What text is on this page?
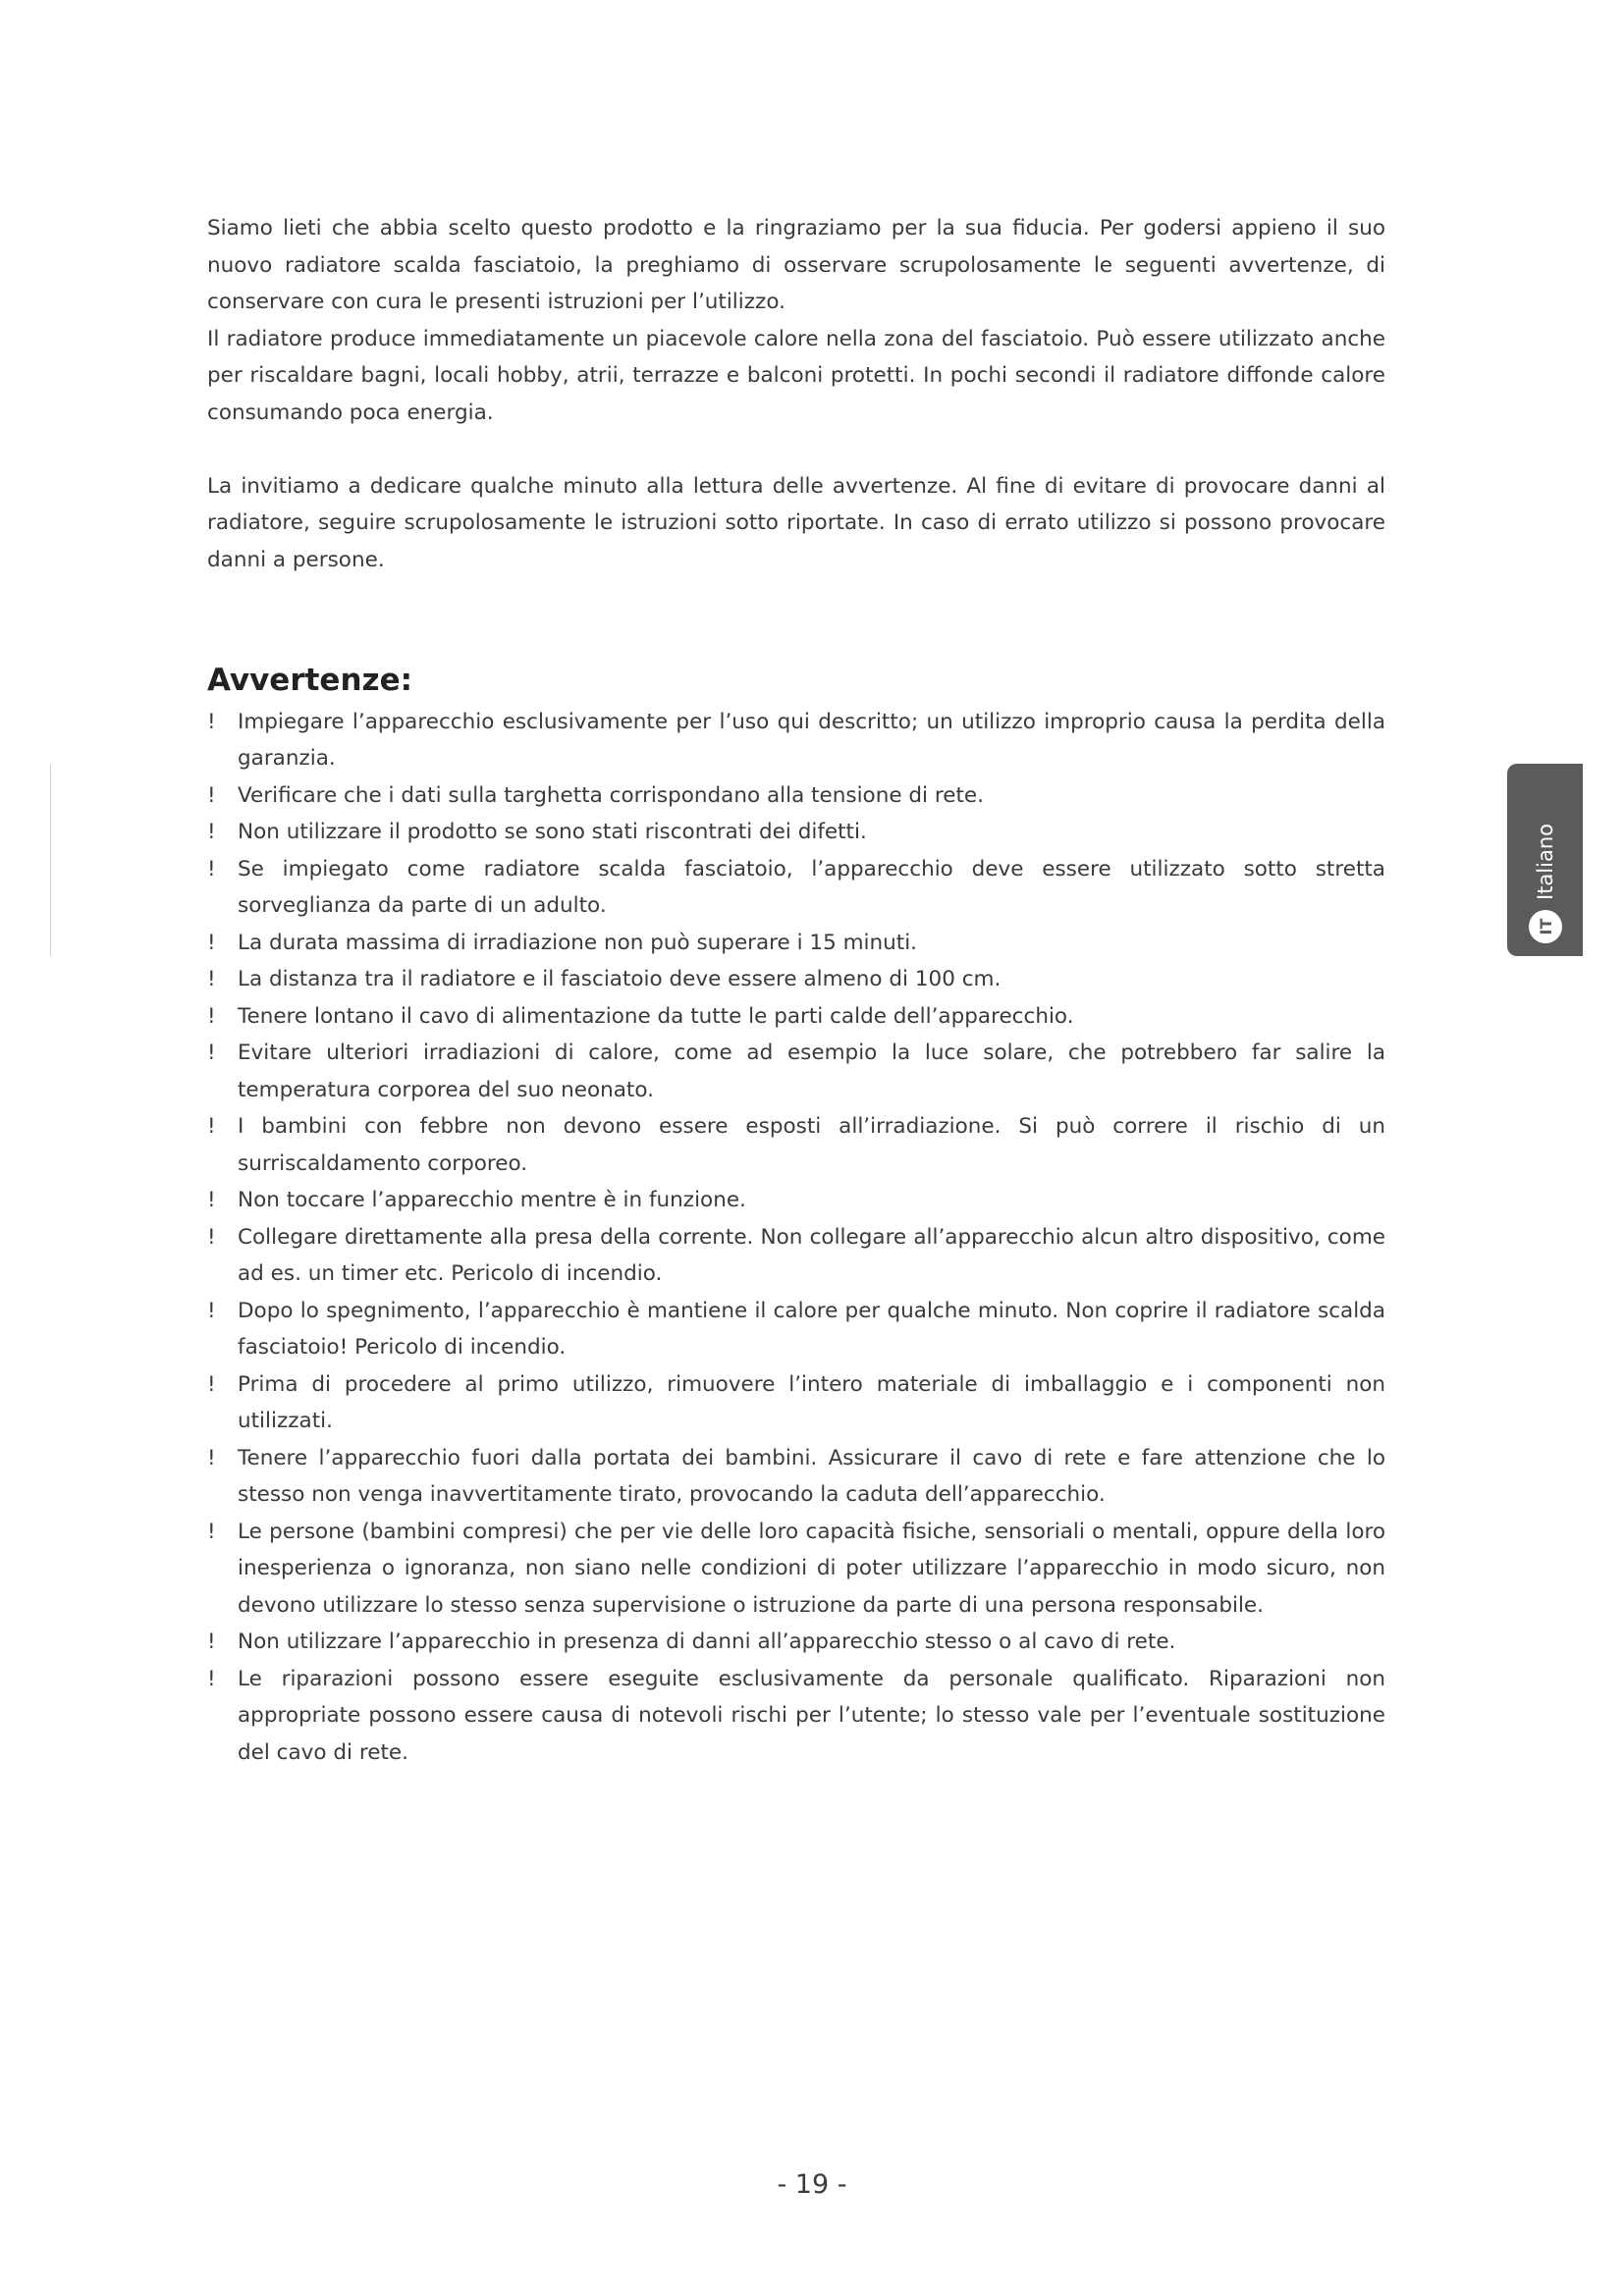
Siamo lieti che abbia scelto questo prodotto e la ringraziamo per la sua fiducia. Per godersi appieno il suo nuovo radiatore scalda fasciatoio, la preghiamo di osservare scrupolosamente le seguenti avvertenze, di conservare con cura le presenti istruzioni per l’utilizzo.

Il radiatore produce immediatamente un piacevole calore nella zona del fasciatoio. Può essere utilizzato anche per riscaldare bagni, locali hobby, atrii, terrazze e balconi protetti. In pochi secondi il radiatore diffonde calore consumando poca energia.

La invitiamo a dedicare qualche minuto alla lettura delle avvertenze. Al fine di evitare di provocare danni al radiatore, seguire scrupolosamente le istruzioni sotto riportate. In caso di errato utilizzo si possono provocare danni a persone.

Avvertenze:
! Impiegare l’apparecchio esclusivamente per l’uso qui descritto; un utilizzo improprio causa la perdita della garanzia.
! Verificare che i dati sulla targhetta corrispondano alla tensione di rete.
! Non utilizzare il prodotto se sono stati riscontrati dei difetti.
! Se impiegato come radiatore scalda fasciatoio, l’apparecchio deve essere utilizzato sotto stretta sorveglianza da parte di un adulto.
! La durata massima di irradiazione non può superare i 15 minuti.
! La distanza tra il radiatore e il fasciatoio deve essere almeno di 100 cm.
! Tenere lontano il cavo di alimentazione da tutte le parti calde dell’apparecchio.
! Evitare ulteriori irradiazioni di calore, come ad esempio la luce solare, che potrebbero far salire la temperatura corporea del suo neonato.
! I bambini con febbre non devono essere esposti all’irradiazione. Si può correre il rischio di un surriscaldamento corporeo.
! Non toccare l’apparecchio mentre è in funzione.
! Collegare direttamente alla presa della corrente. Non collegare all’apparecchio alcun altro dispositivo, come ad es. un timer etc. Pericolo di incendio.
! Dopo lo spegnimento, l’apparecchio è mantiene il calore per qualche minuto. Non coprire il radiatore scalda fasciatoio! Pericolo di incendio.
! Prima di procedere al primo utilizzo, rimuovere l’intero materiale di imballaggio e i componenti non utilizzati.
! Tenere l’apparecchio fuori dalla portata dei bambini. Assicurare il cavo di rete e fare attenzione che lo stesso non venga inavvertitamente tirato, provocando la caduta dell’apparecchio.
! Le persone (bambini compresi) che per vie delle loro capacità fisiche, sensoriali o mentali, oppure della loro inesperienza o ignoranza, non siano nelle condizioni di poter utilizzare l’apparecchio in modo sicuro, non devono utilizzare lo stesso senza supervisione o istruzione da parte di una persona responsabile.
! Non utilizzare l’apparecchio in presenza di danni all’apparecchio stesso o al cavo di rete.
! Le riparazioni possono essere eseguite esclusivamente da personale qualificato. Riparazioni non appropriate possono essere causa di notevoli rischi per l’utente; lo stesso vale per l’eventuale sostituzione del cavo di rete.
IT
Italiano
- 19 -
